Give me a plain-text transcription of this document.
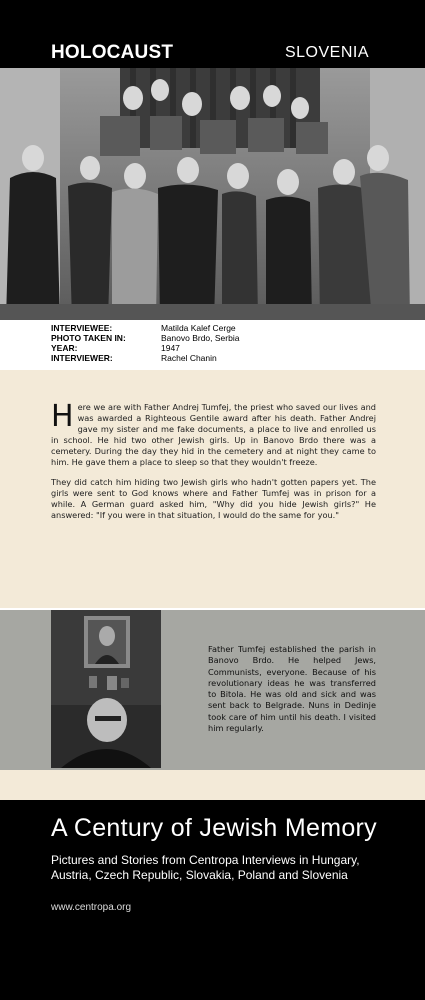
HOLOCAUST	SLOVENIA
INTERVIEWEE:	Matilda Kalef Cerge
PHOTO TAKEN IN:	Banovo Brdo, Serbia
YEAR:	1947
INTERVIEWER:	Rachel Chanin

Here we are with Father Andrej Tumfej, the priest who saved our lives and was awarded a Righteous Gentile award after his death. Father Andrej gave my sister and me fake documents, a place to live and enrolled us in school. He hid two other Jewish girls. Up in Banovo Brdo there was a cemetery. During the day they hid in the cemetery and at night they came to him. He gave them a place to sleep so that they wouldn't freeze.

They did catch him hiding two Jewish girls who hadn't gotten papers yet. The girls were sent to God knows where and Father Tumfej was in prison for a while. A German guard asked him, "Why did you hide Jewish girls?" He answered: "If you were in that situation, I would do the same for you."

Father Tumfej established the parish in Banovo Brdo. He helped Jews, Communists, everyone. Because of his revolutionary ideas he was transferred to Bitola. He was old and sick and was sent back to Belgrade. Nuns in Dedinje took care of him until his death. I visited him regularly.
A Century of Jewish Memory
Pictures and Stories from Centropa Interviews in Hungary, Austria, Czech Republic, Slovakia, Poland and Slovenia
www.centropa.org
